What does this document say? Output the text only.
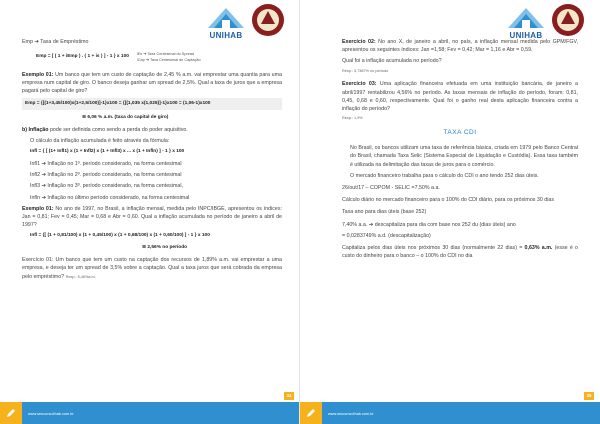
UNIHAB

Emp ➔ Taxa de Empréstimo

Emp = [ ( 1 + iEmp ) . ( 1 + is ) ] - 1 } x 100
iEs ➔ Taxa Centesimal do Spread
iCap ➔ Taxa Centesimal de Captação

Exemplo 01: Um banco que tem um custo de captação de 2,45 % a.m. vai emprestar uma quantia para uma empresa num capital de giro. O banco deseja ganhar um spread de 2,5%. Qual a taxa de juros que a empresa pagará pelo capital de giro?

Emp = {[(1+3,45/100)x(1+2,5/100)]-1}x100 = {[(1,035 x(1,025)]-1}x100 = (1,06-1)x100
≅ 6,06 % a.m. (taxa do capital de giro)

b) Inflação pode ser definida como sendo a perda do poder aquisitivo.

O cálculo da inflação acumulada é feito através da fórmula:

Infl = { [ (1+ Infl1) x (1 + Infl2) x (1 + Infl3) x ... x (1 + Infln) ] - 1 } x 100

Infl1 ➔ Inflação no 1º. período considerado, na forma centesimal

Infl2 ➔ Inflação no 2º. período considerado, na forma centesimal

Infl3 ➔ Inflação no 3º. período considerado, na forma centesimal,

Infln ➔ Inflação no último período considerado, na forma centesimal

Exemplo 01: No ano de 1997, no Brasil, a inflação mensal, medida pelo INPC/IBGE, apresentou os índices: Jan = 0,81; Fev = 0,45; Mar = 0,68 e Abr = 0,60. Qual a inflação acumulada no período de janeiro a abril de 1997?

Infl = {[ (1 + 0,81/100) x (1 + 0,45/100) x (1 + 0,68/100) x (1 + 0,60/100) ] - 1 } x 100
≅ 2,56% no período

Exercício 01: Um banco que tem um custo na captação dos recursos de 1,89% a.m. vai emprestar a uma empresa, e deseja ter um spread de 3,5% sobre a captação. Qual a taxa juros que será cobrada da empresa pelo empréstimo? Resp.: 5,46%a.m.

34
www.seucurso4hab.com.br
UNIHAB

Exercício 02: No ano X, de janeiro a abril, no país, a inflação mensal medida pelo GPM/FGV, apresentou os seguintes índices: Jan =1,58; Fev = 0,42; Mar = 1,16 e Abr = 0,59.

Qual foi a inflação acumulada no período?

Resp.: 3,7387% no período

Exercício 03: Uma aplicação financeira efetuada em uma instituição bancária, de janeiro a abril/1997 rentabilizou 4,56% no período. As taxas mensais de inflação do período, foram: 0,81, 0,45, 0,68 e 0,60, respectivamente. Qual foi o ganho real desta aplicação financeira contra a inflação do período?

Resp.: 1,9%

TAXA CDI

No Brasil, os bancos utilizam uma taxa de referência básica, criada em 1979 pelo Banco Central do Brasil, chamada Taxa Selic (Sistema Especial de Liquidação e Custódia). Essa taxa também é utilizada na delimitação das taxas de juros para o comércio.

O mercado financeiro trabalha para o cálculo do CDI o ano tendo 252 dias úteis.

26/out/17 – COPOM - SELIC =7,50% a.a.

Cálculo diário no mercado financeiro para o 100% do CDI diário, para os próximos 30 dias

Taxa ano para dias úteis (base 252)

7,40% a.a. ➔ descapitaliza para dia com base nos 252 du (dias úteis) ano

= 0,0283749% a.d. (descapitalização)

Capitaliza pelos dias úteis nos próximos 30 dias (normalmente 22 dias) = 0,63% a.m. (esse é o custo do dinheiro para o banco – o 100% do CDI no dia

35
www.seucurso4hab.com.br
